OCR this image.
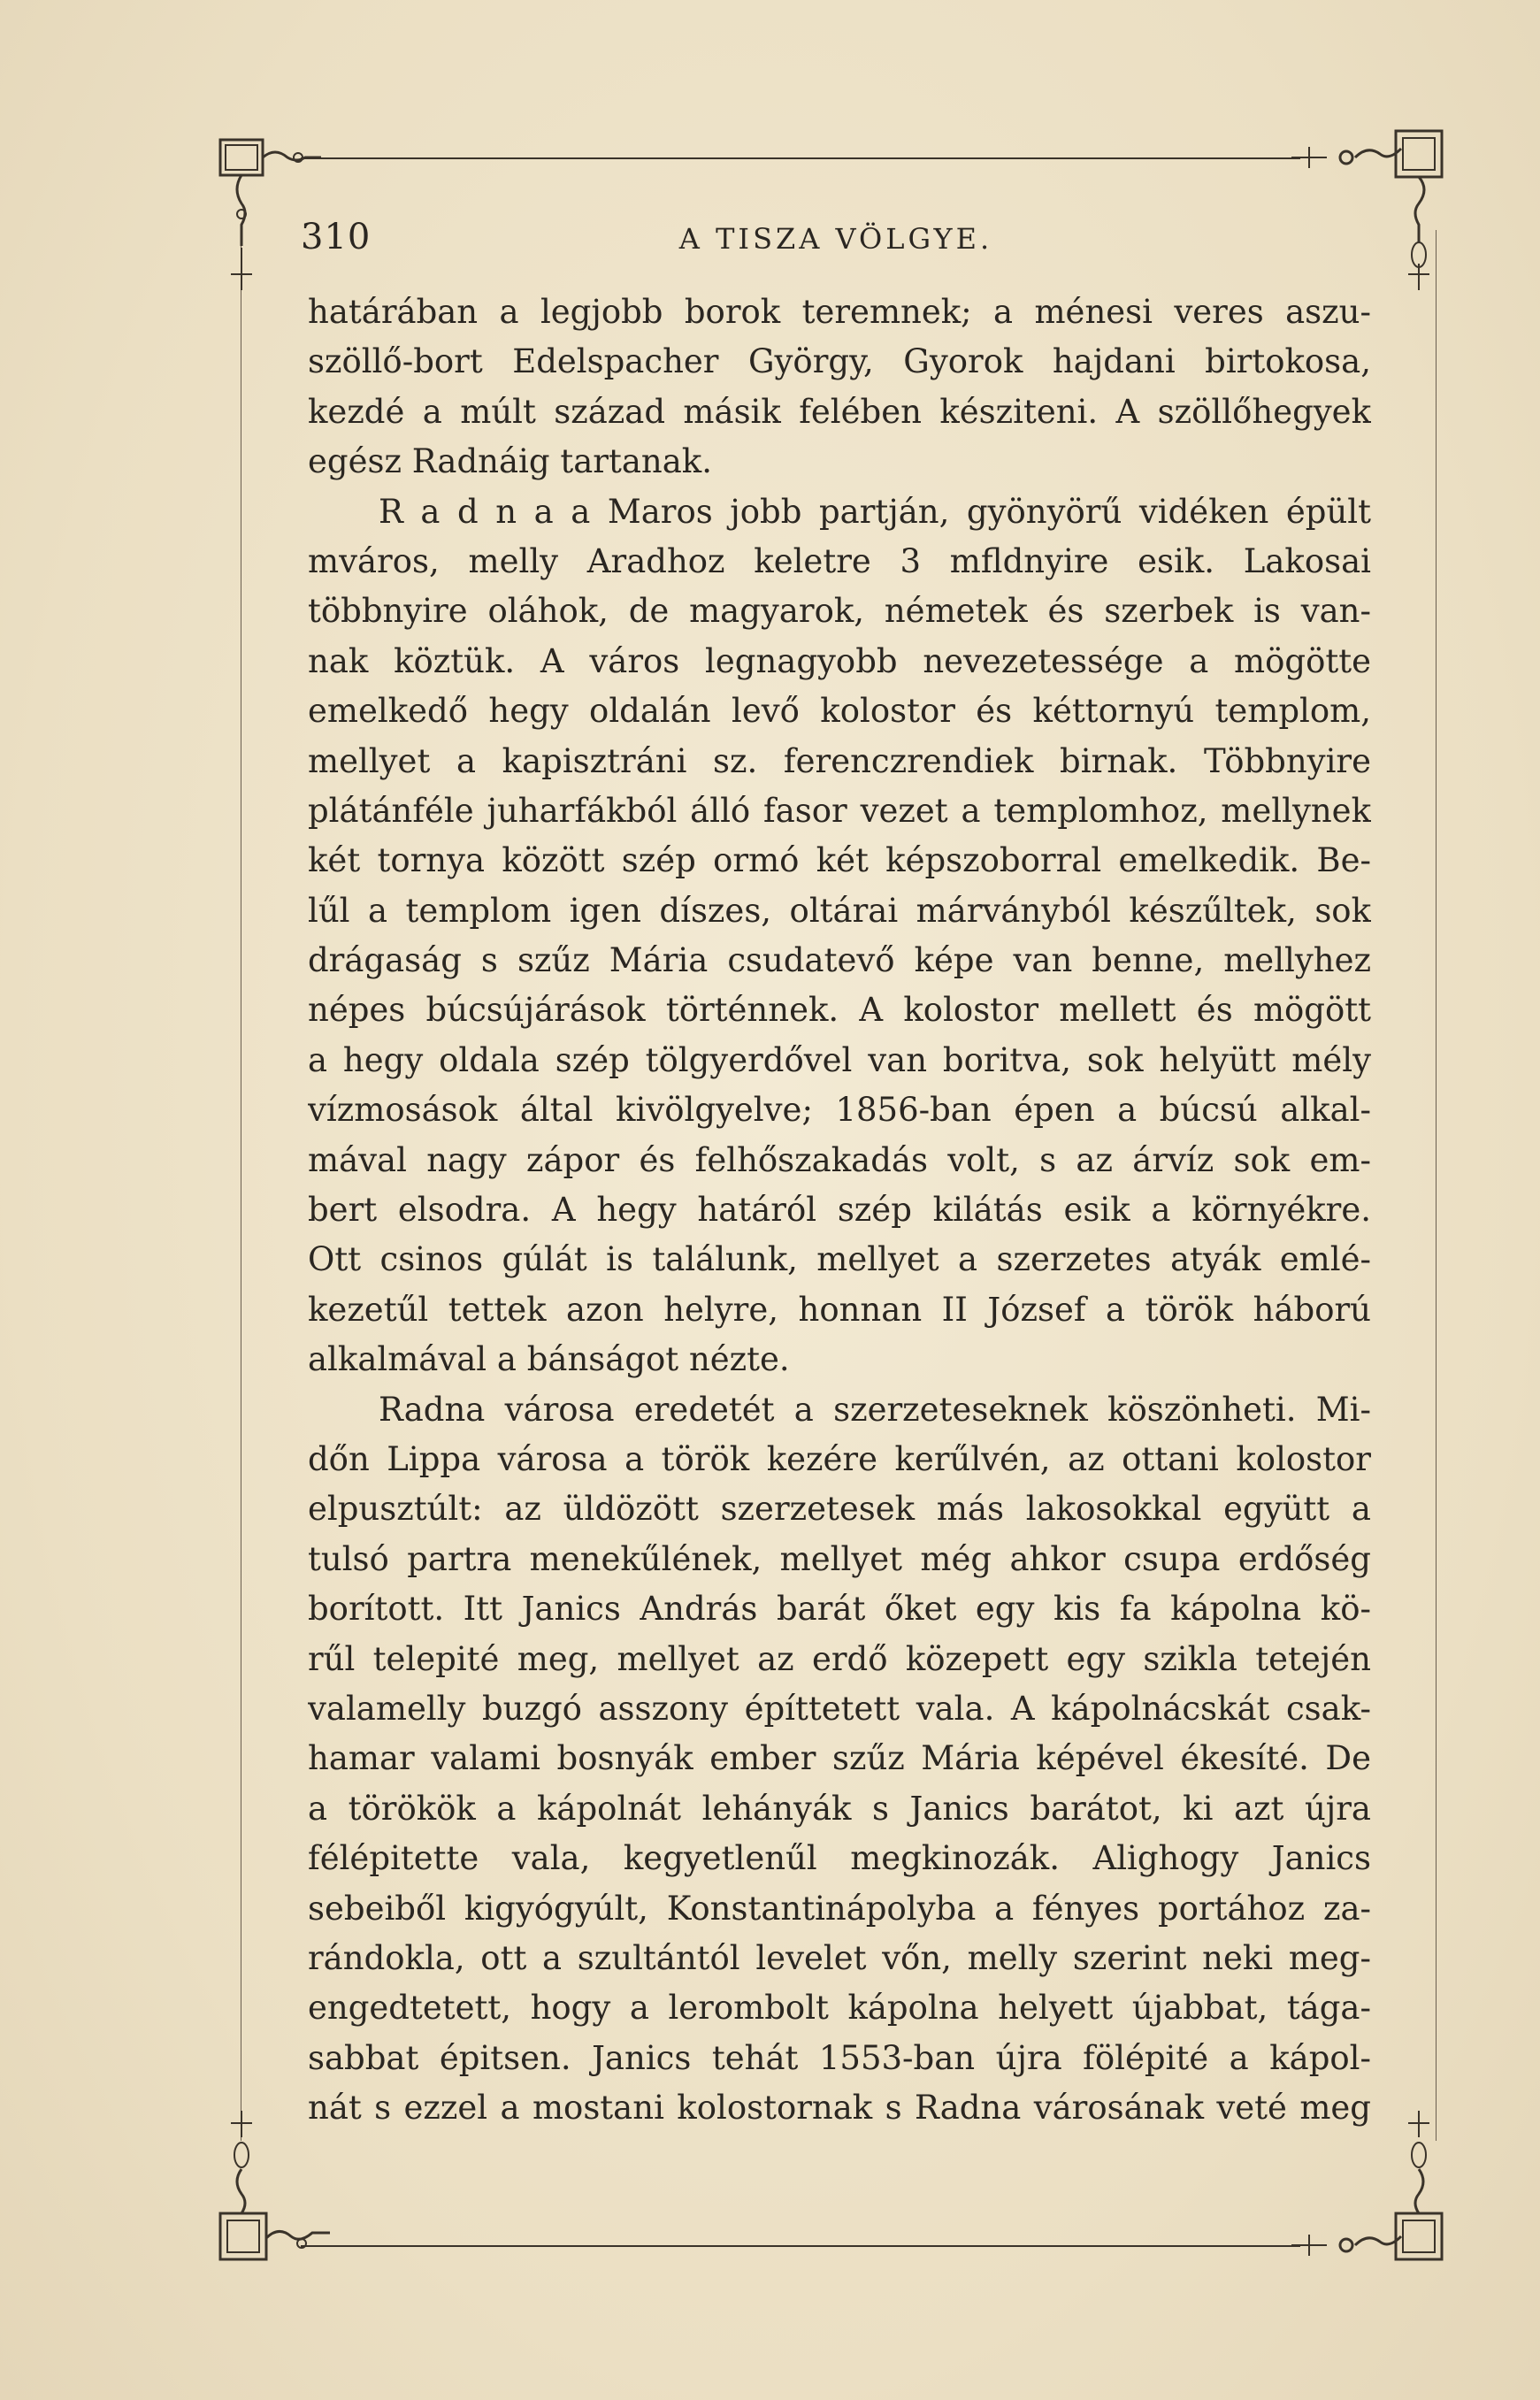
310	A TISZA VÖLGYE.
határában a legjobb borok teremnek; a ménesi veres aszu-
szöllő-bort Edelspacher György, Gyorok hajdani birtokosa,
kezdé a múlt század másik felében késziteni. A szöllőhegyek
egész Radnáig tartanak.
R a d n a a Maros jobb partján, gyönyörű vidéken épült
mváros, melly Aradhoz keletre 3 mfldnyire esik. Lakosai
többnyire oláhok, de magyarok, németek és szerbek is van-
nak köztük. A város legnagyobb nevezetessége a mögötte
emelkedő hegy oldalán levő kolostor és kéttornyú templom,
mellyet a kapisztráni sz. ferenczrendiek birnak. Többnyire
plátánféle juharfákból álló fasor vezet a templomhoz, mellynek
két tornya között szép ormó két képszoborral emelkedik. Be-
lűl a templom igen díszes, oltárai márványból készűltek, sok
drágaság s szűz Mária csudatevő képe van benne, mellyhez
népes búcsújárások történnek. A kolostor mellett és mögött
a hegy oldala szép tölgyerdővel van boritva, sok helyütt mély
vízmosások által kivölgyelve; 1856-ban épen a búcsú alkal-
mával nagy zápor és felhőszakadás volt, s az árvíz sok em-
bert elsodra. A hegy határól szép kilátás esik a környékre.
Ott csinos gúlát is találunk, mellyet a szerzetes atyák emlé-
kezetűl tettek azon helyre, honnan II József a török háború
alkalmával a bánságot nézte.
Radna városa eredetét a szerzeteseknek köszönheti. Mi-
dőn Lippa városa a török kezére kerűlvén, az ottani kolostor
elpusztúlt: az üldözött szerzetesek más lakosokkal együtt a
tulsó partra menekűlének, mellyet még ahkor csupa erdőség
borított. Itt Janics András barát őket egy kis fa kápolna kö-
rűl telepité meg, mellyet az erdő közepett egy szikla tetején
valamelly buzgó asszony építtetett vala. A kápolnácskát csak-
hamar valami bosnyák ember szűz Mária képével ékesíté. De
a törökök a kápolnát lehányák s Janics barátot, ki azt újra
félépitette vala, kegyetlenűl megkinozák. Alighogy Janics
sebeiből kigyógyúlt, Konstantinápolyba a fényes portához za-
rándokla, ott a szultántól levelet vőn, melly szerint neki meg-
engedtetett, hogy a lerombolt kápolna helyett újabbat, tága-
sabbat épitsen. Janics tehát 1553-ban újra fölépité a kápol-
nát s ezzel a mostani kolostornak s Radna városának veté meg
